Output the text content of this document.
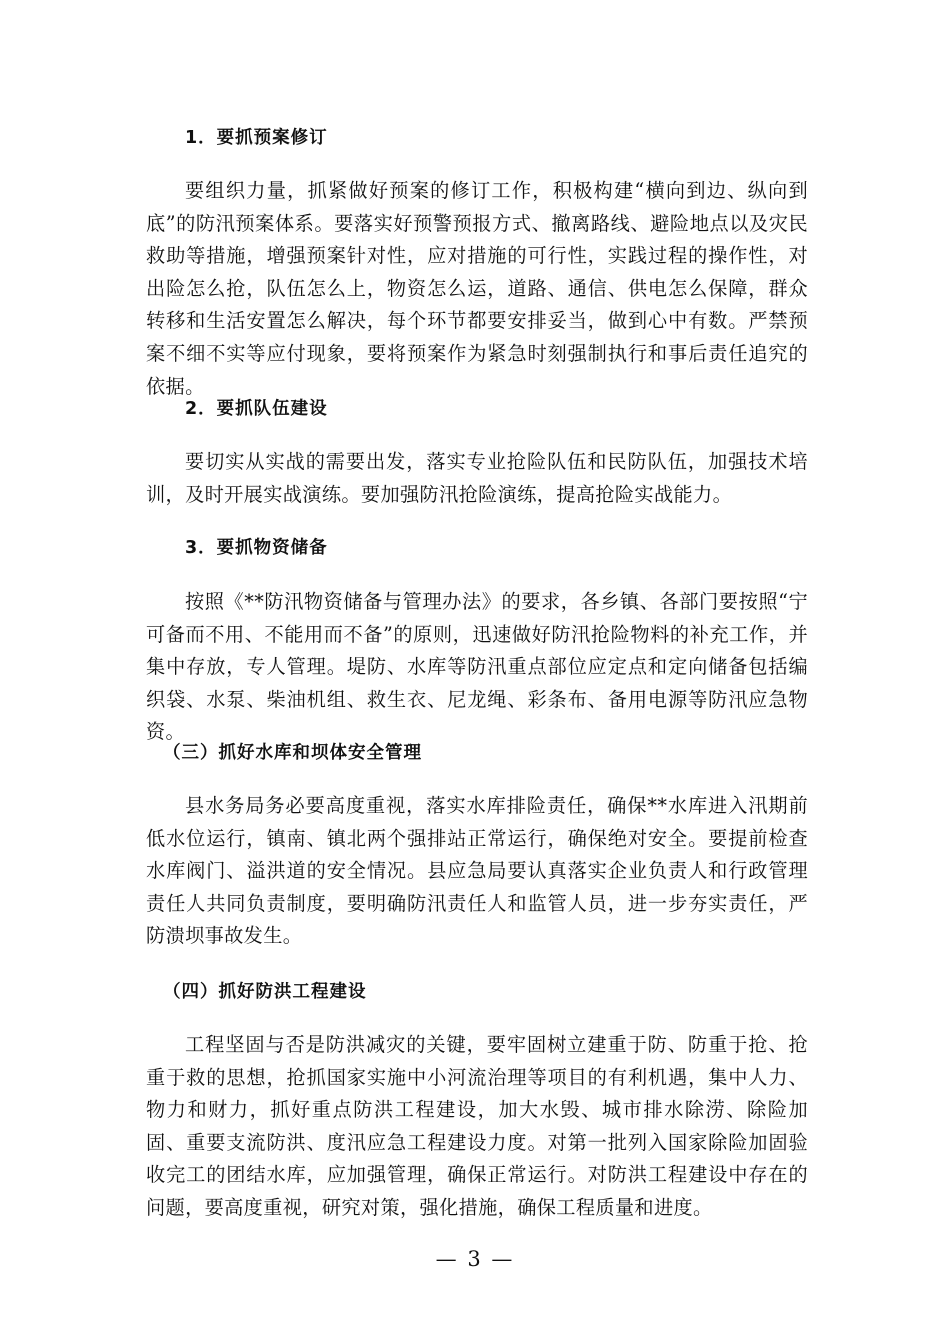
1．要抓预案修订

要组织力量，抓紧做好预案的修订工作，积极构建“横向到边、纵向到底”的防汛预案体系。要落实好预警预报方式、撤离路线、避险地点以及灾民救助等措施，增强预案针对性，应对措施的可行性，实践过程的操作性，对出险怎么抢，队伍怎么上，物资怎么运，道路、通信、供电怎么保障，群众转移和生活安置怎么解决，每个环节都要安排妥当，做到心中有数。严禁预案不细不实等应付现象，要将预案作为紧急时刻强制执行和事后责任追究的依据。

2．要抓队伍建设

要切实从实战的需要出发，落实专业抢险队伍和民防队伍，加强技术培训，及时开展实战演练。要加强防汛抢险演练，提高抢险实战能力。

3．要抓物资储备

按照《**防汛物资储备与管理办法》的要求，各乡镇、各部门要按照“宁可备而不用、不能用而不备”的原则，迅速做好防汛抢险物料的补充工作，并集中存放，专人管理。堤防、水库等防汛重点部位应定点和定向储备包括编织袋、水泵、柴油机组、救生衣、尼龙绳、彩条布、备用电源等防汛应急物资。

（三）抓好水库和坝体安全管理

县水务局务必要高度重视，落实水库排险责任，确保**水库进入汛期前低水位运行，镇南、镇北两个强排站正常运行，确保绝对安全。要提前检查水库阀门、溢洪道的安全情况。县应急局要认真落实企业负责人和行政管理责任人共同负责制度，要明确防汛责任人和监管人员，进一步夯实责任，严防溃坝事故发生。

（四）抓好防洪工程建设

工程坚固与否是防洪减灾的关键，要牢固树立建重于防、防重于抢、抢重于救的思想，抢抓国家实施中小河流治理等项目的有利机遇，集中人力、物力和财力，抓好重点防洪工程建设，加大水毁、城市排水除涝、除险加固、重要支流防洪、度汛应急工程建设力度。对第一批列入国家除险加固验收完工的团结水库，应加强管理，确保正常运行。对防洪工程建设中存在的问题，要高度重视，研究对策，强化措施，确保工程质量和进度。

— 3 —
